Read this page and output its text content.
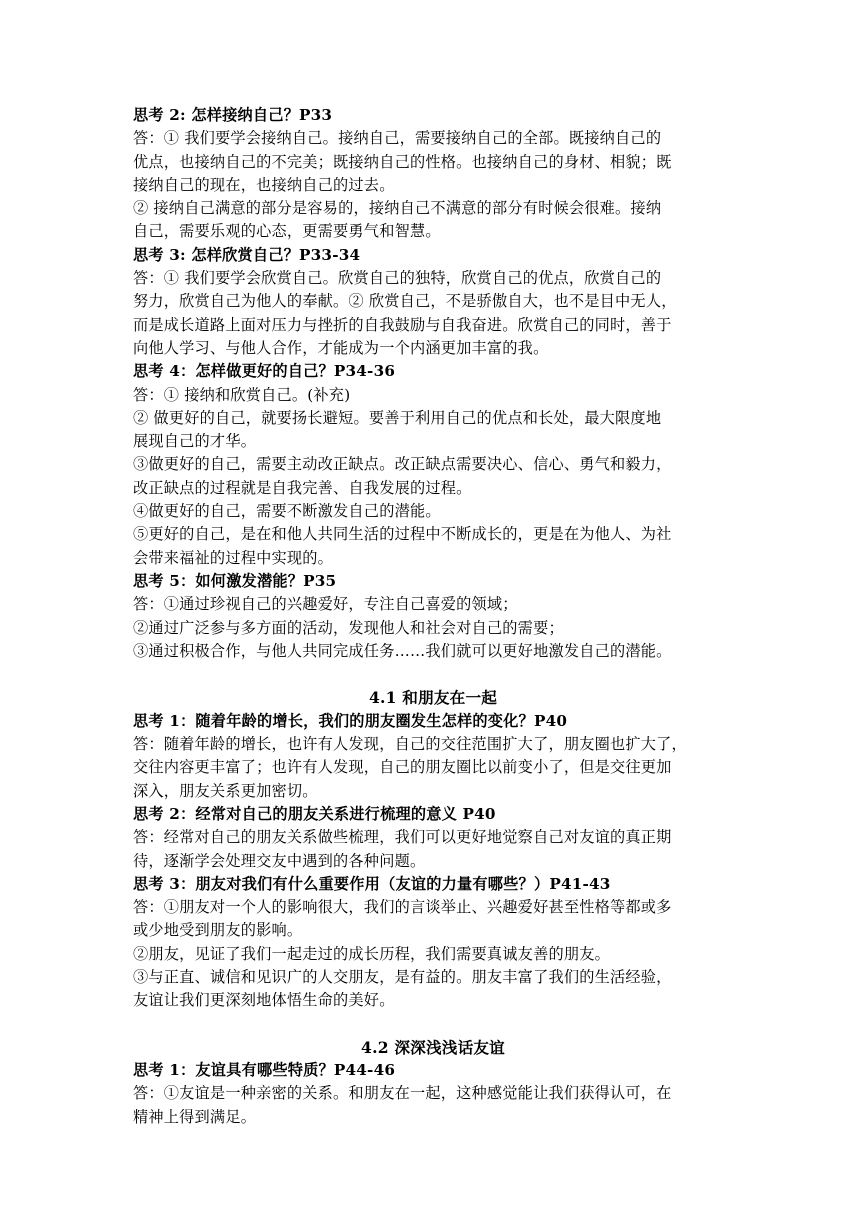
思考 2: 怎样接纳自己？P33
答：① 我们要学会接纳自己。接纳自己，需要接纳自己的全部。既接纳自己的
优点，也接纳自己的不完美；既接纳自己的性格。也接纳自己的身材、相貌；既
接纳自己的现在，也接纳自己的过去。
② 接纳自己满意的部分是容易的，接纳自己不满意的部分有时候会很难。接纳
自己，需要乐观的心态，更需要勇气和智慧。
思考 3: 怎样欣赏自己？P33-34
答：① 我们要学会欣赏自己。欣赏自己的独特，欣赏自己的优点，欣赏自己的
努力，欣赏自己为他人的奉献。② 欣赏自己，不是骄傲自大，也不是目中无人，
而是成长道路上面对压力与挫折的自我鼓励与自我奋进。欣赏自己的同时，善于
向他人学习、与他人合作，才能成为一个内涵更加丰富的我。
思考 4：怎样做更好的自己？P34-36
答：① 接纳和欣赏自己。(补充)
② 做更好的自己，就要扬长避短。要善于利用自己的优点和长处，最大限度地
展现自己的才华。
③做更好的自己，需要主动改正缺点。改正缺点需要决心、信心、勇气和毅力，
改正缺点的过程就是自我完善、自我发展的过程。
④做更好的自己，需要不断激发自己的潜能。
⑤更好的自己，是在和他人共同生活的过程中不断成长的，更是在为他人、为社
会带来福祉的过程中实现的。
思考 5：如何激发潜能？P35
答：①通过珍视自己的兴趣爱好，专注自己喜爱的领域；
②通过广泛参与多方面的活动，发现他人和社会对自己的需要；
③通过积极合作，与他人共同完成任务……我们就可以更好地激发自己的潜能。
4.1 和朋友在一起
思考 1：随着年龄的增长，我们的朋友圈发生怎样的变化？P40
答：随着年龄的增长，也许有人发现，自己的交往范围扩大了，朋友圈也扩大了，
交往内容更丰富了；也许有人发现，自己的朋友圈比以前变小了，但是交往更加
深入，朋友关系更加密切。
思考 2：经常对自己的朋友关系进行梳理的意义 P40
答：经常对自己的朋友关系做些梳理，我们可以更好地觉察自己对友谊的真正期
待，逐渐学会处理交友中遇到的各种问题。
思考 3：朋友对我们有什么重要作用（友谊的力量有哪些？）P41-43
答：①朋友对一个人的影响很大，我们的言谈举止、兴趣爱好甚至性格等都或多
或少地受到朋友的影响。
②朋友，见证了我们一起走过的成长历程，我们需要真诚友善的朋友。
③与正直、诚信和见识广的人交朋友，是有益的。朋友丰富了我们的生活经验，
友谊让我们更深刻地体悟生命的美好。
4.2 深深浅浅话友谊
思考 1：友谊具有哪些特质？P44-46
答：①友谊是一种亲密的关系。和朋友在一起，这种感觉能让我们获得认可，在
精神上得到满足。
